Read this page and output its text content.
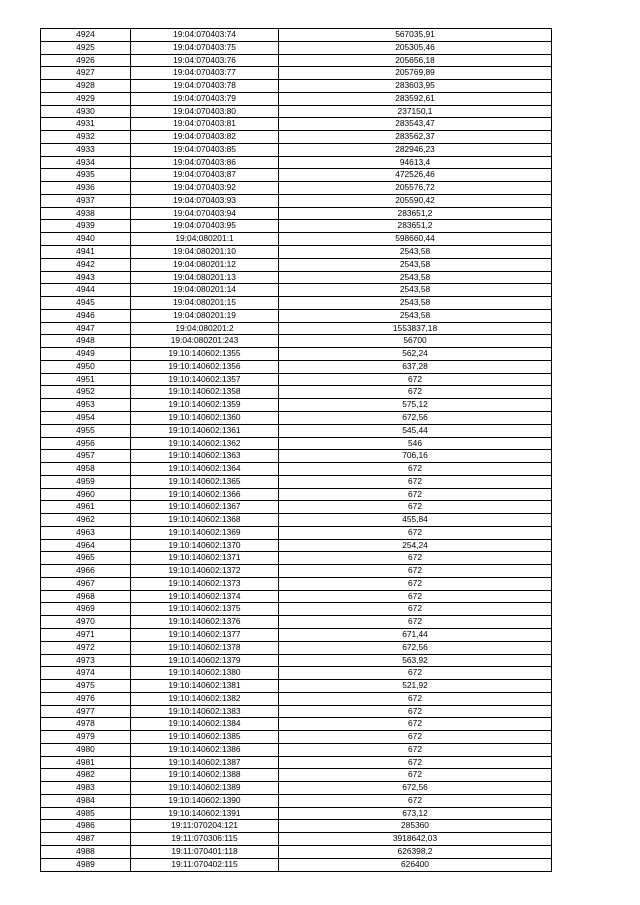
4924	19:04:070403:74	567035,91
4925	19:04:070403:75	205305,46
4926	19:04:070403:76	205656,18
4927	19:04:070403:77	205769,89
4928	19:04:070403:78	283603,95
4929	19:04:070403:79	283592,61
4930	19:04:070403:80	237150,1
4931	19:04:070403:81	283543,47
4932	19:04:070403:82	283562,37
4933	19:04:070403:85	282946,23
4934	19:04:070403:86	94613,4
4935	19:04:070403:87	472526,46
4936	19:04:070403:92	205576,72
4937	19:04:070403:93	205590,42
4938	19:04:070403:94	283651,2
4939	19:04:070403:95	283651,2
4940	19:04:080201:1	598660,44
4941	19:04:080201:10	2543,58
4942	19:04:080201:12	2543,58
4943	19:04:080201:13	2543,58
4944	19:04:080201:14	2543,58
4945	19:04:080201:15	2543,58
4946	19:04:080201:19	2543,58
4947	19:04:080201:2	1553837,18
4948	19:04:080201:243	56700
4949	19:10:140602:1355	562,24
4950	19:10:140602:1356	637,28
4951	19:10:140602:1357	672
4952	19:10:140602:1358	672
4953	19:10:140602:1359	575,12
4954	19:10:140602:1360	672,56
4955	19:10:140602:1361	545,44
4956	19:10:140602:1362	546
4957	19:10:140602:1363	706,16
4958	19:10:140602:1364	672
4959	19:10:140602:1365	672
4960	19:10:140602:1366	672
4961	19:10:140602:1367	672
4962	19:10:140602:1368	455,84
4963	19:10:140602:1369	672
4964	19:10:140602:1370	254,24
4965	19:10:140602:1371	672
4966	19:10:140602:1372	672
4967	19:10:140602:1373	672
4968	19:10:140602:1374	672
4969	19:10:140602:1375	672
4970	19:10:140602:1376	672
4971	19:10:140602:1377	671,44
4972	19:10:140602:1378	672,56
4973	19:10:140602:1379	563,92
4974	19:10:140602:1380	672
4975	19:10:140602:1381	521,92
4976	19:10:140602:1382	672
4977	19:10:140602:1383	672
4978	19:10:140602:1384	672
4979	19:10:140602:1385	672
4980	19:10:140602:1386	672
4981	19:10:140602:1387	672
4982	19:10:140602:1388	672
4983	19:10:140602:1389	672,56
4984	19:10:140602:1390	672
4985	19:10:140602:1391	673,12
4986	19:11:070204:121	285360
4987	19:11:070306:115	3918642,03
4988	19:11:070401:118	626398,2
4989	19:11:070402:115	626400
